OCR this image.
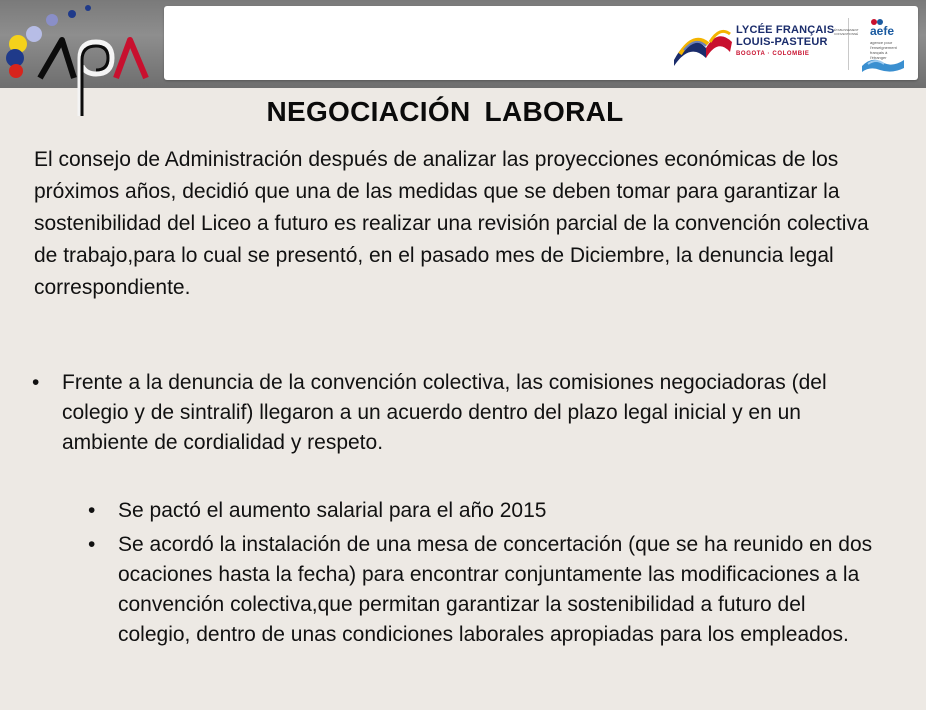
LYCÉE FRANÇAIS
LOUIS-PASTEUR
BOGOTA · COLOMBIE
ÉTABLISSEMENT CONVENTIONNÉ aefe
agence pour l'enseignement français à l'étranger
NEGOCIACIÓN LABORAL

El consejo de Administración después de analizar las proyecciones económicas de los próximos años, decidió que una de las medidas que se deben tomar para garantizar la sostenibilidad del Liceo a futuro es realizar una revisión parcial de la convención colectiva de trabajo,para lo cual se presentó, en el pasado mes de Diciembre, la denuncia legal correspondiente.

• Frente a la denuncia de la convención colectiva, las comisiones negociadoras (del colegio y de sintralif) llegaron a un acuerdo dentro del plazo legal inicial y en un ambiente de cordialidad y respeto.
• Se pactó el aumento salarial para el año 2015
• Se acordó la instalación de una mesa de concertación (que se ha reunido en dos ocaciones hasta la fecha) para encontrar conjuntamente las modificaciones a la convención colectiva,que permitan garantizar la sostenibilidad a futuro del colegio, dentro de unas condiciones laborales apropiadas para los empleados.
